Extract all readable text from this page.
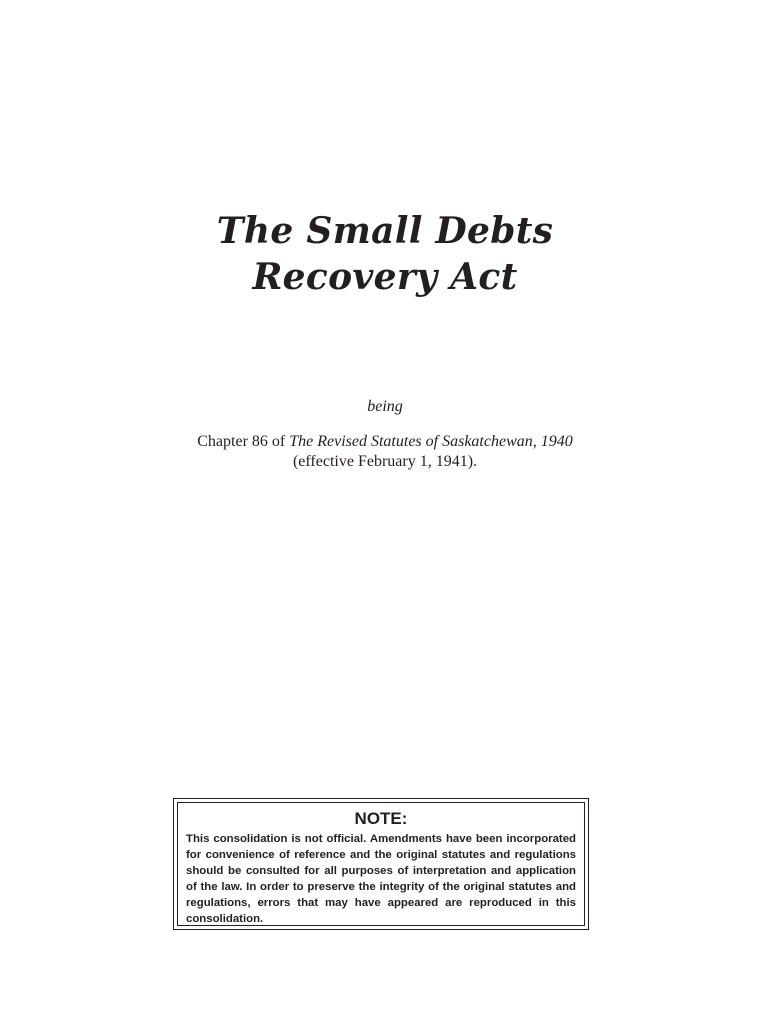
The Small Debts
Recovery Act

being

Chapter 86 of The Revised Statutes of Saskatchewan, 1940
(effective February 1, 1941).

NOTE:

This consolidation is not official. Amendments have been incorporated for convenience of reference and the original statutes and regulations should be consulted for all purposes of interpretation and application of the law. In order to preserve the integrity of the original statutes and regulations, errors that may have appeared are reproduced in this consolidation.
